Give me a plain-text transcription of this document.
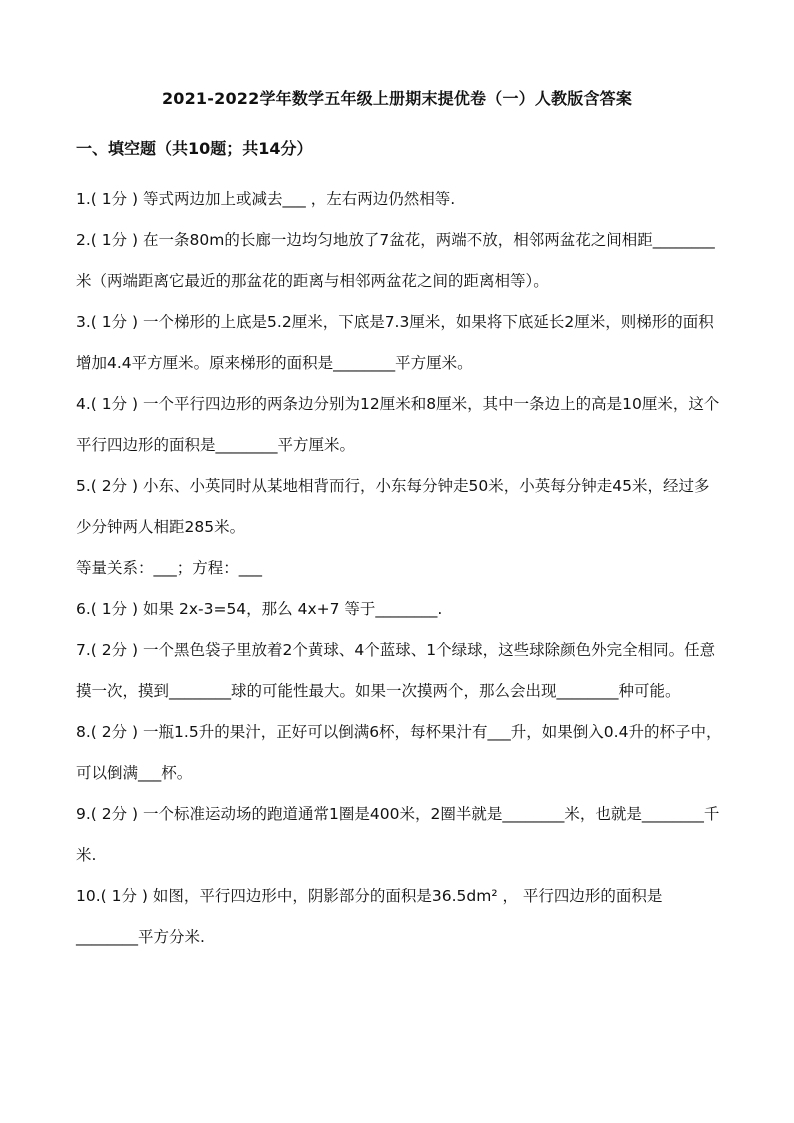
2021-2022学年数学五年级上册期末提优卷（一）人教版含答案
一、填空题（共10题；共14分）

1.( 1分 ) 等式两边加上或减去___ ，左右两边仍然相等.

2.( 1分 ) 在一条80m的长廊一边均匀地放了7盆花，两端不放，相邻两盆花之间相距________米（两端距离它最近的那盆花的距离与相邻两盆花之间的距离相等）。

3.( 1分 ) 一个梯形的上底是5.2厘米，下底是7.3厘米，如果将下底延长2厘米，则梯形的面积增加4.4平方厘米。原来梯形的面积是________平方厘米。

4.( 1分 ) 一个平行四边形的两条边分别为12厘米和8厘米，其中一条边上的高是10厘米，这个平行四边形的面积是________平方厘米。

5.( 2分 ) 小东、小英同时从某地相背而行，小东每分钟走50米，小英每分钟走45米，经过多少分钟两人相距285米。

等量关系：___；方程：___

6.( 1分 ) 如果 2x-3=54，那么 4x+7 等于________.

7.( 2分 ) 一个黑色袋子里放着2个黄球、4个蓝球、1个绿球，这些球除颜色外完全相同。任意摸一次，摸到________球的可能性最大。如果一次摸两个，那么会出现________种可能。

8.( 2分 ) 一瓶1.5升的果汁，正好可以倒满6杯，每杯果汁有___升，如果倒入0.4升的杯子中，可以倒满___杯。

9.( 2分 ) 一个标准运动场的跑道通常1圈是400米，2圈半就是________米，也就是________千米.

10.( 1分 ) 如图，平行四边形中，阴影部分的面积是36.5dm² ， 平行四边形的面积是________平方分米.
